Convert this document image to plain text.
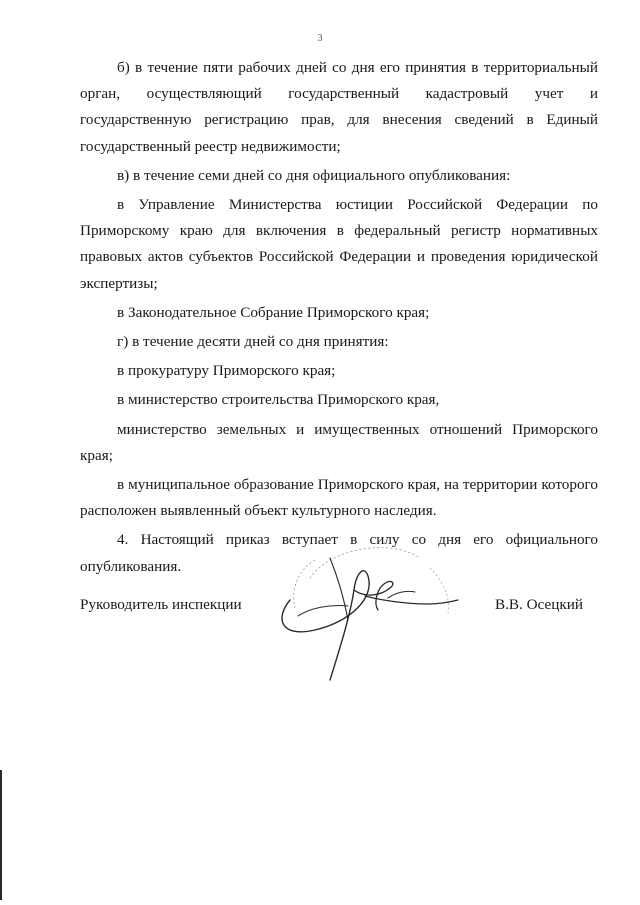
3

б) в течение пяти рабочих дней со дня его принятия в территориальный орган, осуществляющий государственный кадастровый учет и государственную регистрацию прав, для внесения сведений в Единый государственный реестр недвижимости;

в) в течение семи дней со дня официального опубликования:

в Управление Министерства юстиции Российской Федерации по Приморскому краю для включения в федеральный регистр нормативных правовых актов субъектов Российской Федерации и проведения юридической экспертизы;

в Законодательное Собрание Приморского края;

г) в течение десяти дней со дня принятия:

в прокуратуру Приморского края;

в министерство строительства Приморского края,

министерство земельных и имущественных отношений Приморского края;

в муниципальное образование Приморского края, на территории которого расположен выявленный объект культурного наследия.

4. Настоящий приказ вступает в силу со дня его официального опубликования.

Руководитель инспекции	В.В. Осецкий
